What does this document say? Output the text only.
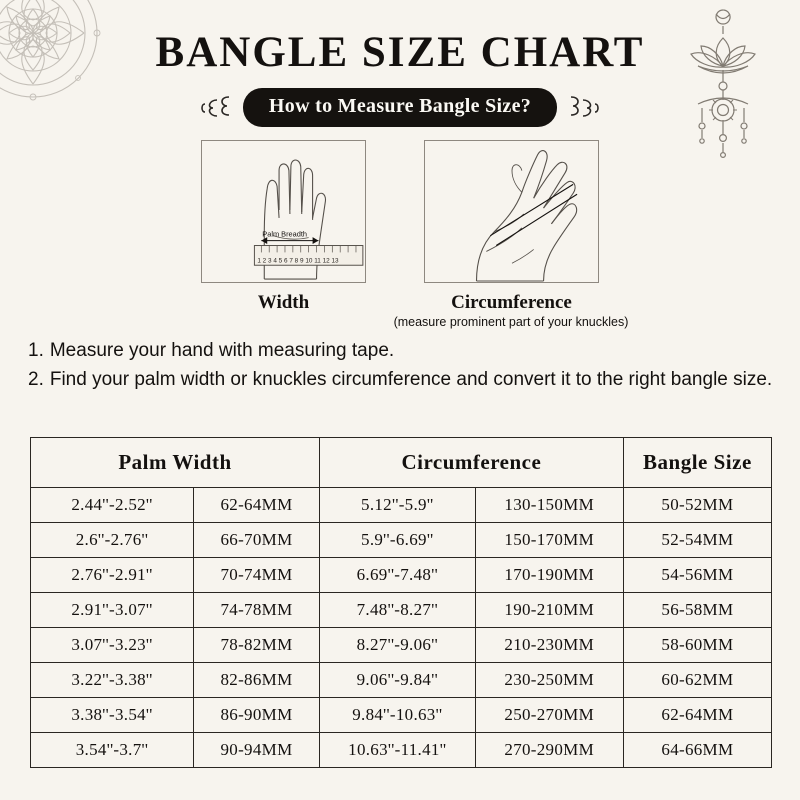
BANGLE SIZE CHART
How to Measure Bangle Size?
Palm Breadth
1 2 3 4 5 6 7 8 9 10 11 12 13
Width	Circumference
(measure prominent part of your knuckles)
1. Measure your hand with measuring tape.
2. Find your palm width or knuckles circumference and convert it to the right bangle size.
Palm Width		Circumference		Bangle Size
2.44''-2.52''	62-64MM	5.12''-5.9''	130-150MM	50-52MM
2.6''-2.76''	66-70MM	5.9''-6.69''	150-170MM	52-54MM
2.76''-2.91''	70-74MM	6.69''-7.48''	170-190MM	54-56MM
2.91''-3.07''	74-78MM	7.48''-8.27''	190-210MM	56-58MM
3.07''-3.23''	78-82MM	8.27''-9.06''	210-230MM	58-60MM
3.22''-3.38''	82-86MM	9.06''-9.84''	230-250MM	60-62MM
3.38''-3.54''	86-90MM	9.84''-10.63''	250-270MM	62-64MM
3.54''-3.7''	90-94MM	10.63''-11.41''	270-290MM	64-66MM
